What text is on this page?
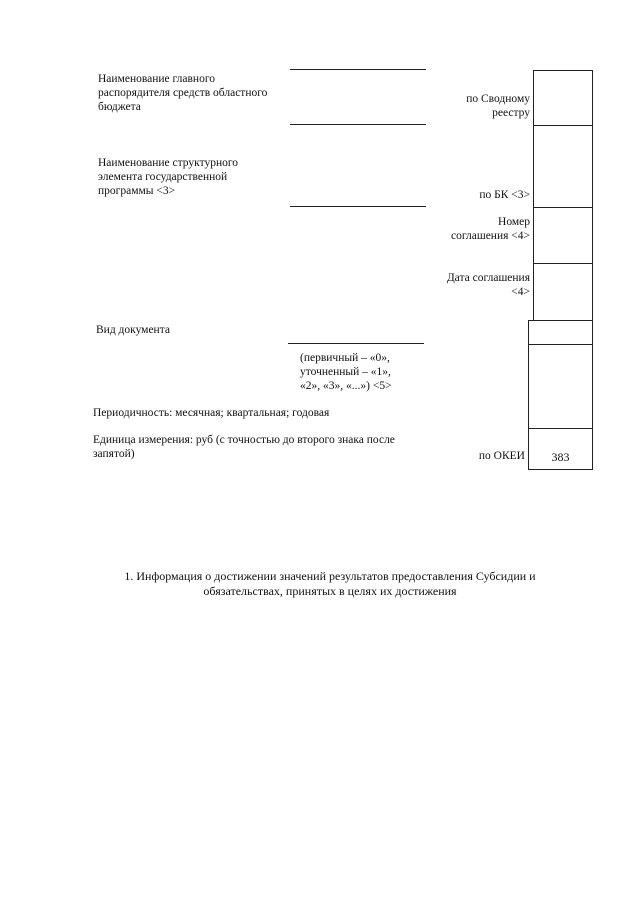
Наименование главного распорядителя средств областного бюджета
Наименование структурного элемента государственной программы <3>
Вид документа
(первичный – «0»,
уточненный – «1»,
«2», «3», «...») <5>
Периодичность: месячная; квартальная; годовая
Единица измерения: руб (с точностью до второго знака после запятой)
по Сводному реестру
по БК <3>
Номер соглашения <4>
Дата соглашения <4>
по ОКЕИ	383
1. Информация о достижении значений результатов предоставления Субсидии и
обязательствах, принятых в целях их достижения
